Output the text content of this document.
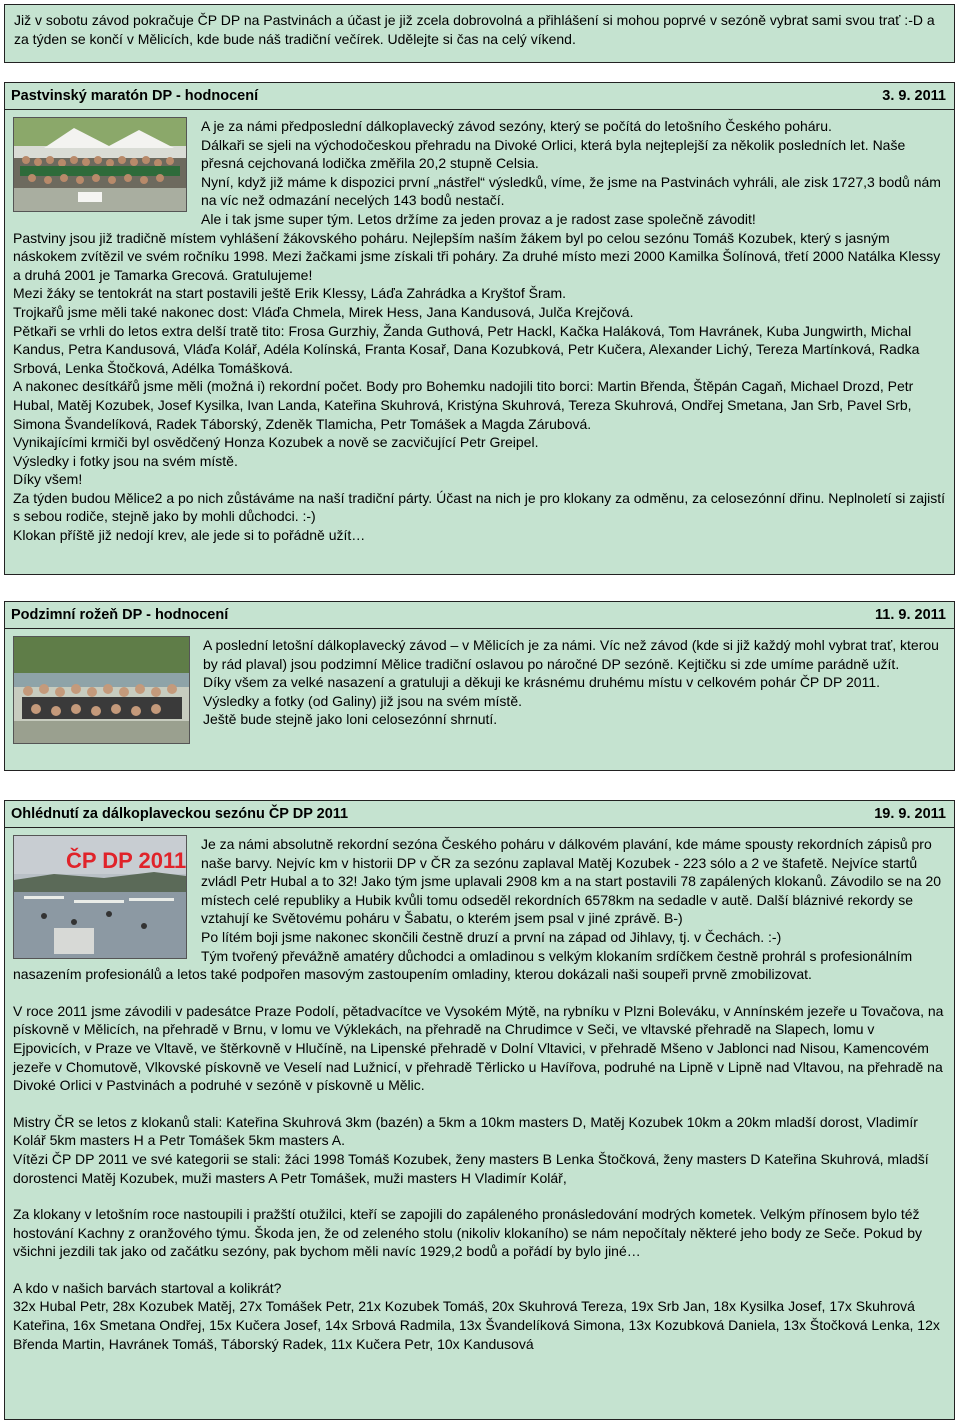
Již v sobotu závod pokračuje ČP DP na Pastvinách a účast je již zcela dobrovolná a přihlášení si mohou poprvé v sezóně vybrat sami svou trať :-D a za týden se končí v Mělicích, kde bude náš tradiční večírek. Udělejte si čas na celý víkend.

Pastvinský maratón DP - hodnocení	3. 9. 2011

A je za námi předposlední dálkoplavecký závod sezóny, který se počítá do letošního Českého poháru.

Dálkaři se sjeli na východočeskou přehradu na Divoké Orlici, která byla nejteplejší za několik posledních let. Naše přesná cejchovaná lodička změřila 20,2 stupně Celsia.

Nyní, když již máme k dispozici první „nástřel“ výsledků, víme, že jsme na Pastvinách vyhráli, ale zisk 1727,3 bodů nám na víc než odmazání necelých 143 bodů nestačí.

Ale i tak jsme super tým. Letos držíme za jeden provaz a je radost zase společně závodit!

Pastviny jsou již tradičně místem vyhlášení žákovského poháru. Nejlepším naším žákem byl po celou sezónu Tomáš Kozubek, který s jasným náskokem zvítězil ve svém ročníku 1998. Mezi žačkami jsme získali tři poháry. Za druhé místo mezi 2000 Kamilka Šolínová, třetí 2000 Natálka Klessy a druhá 2001 je Tamarka Grecová. Gratulujeme!

Mezi žáky se tentokrát na start postavili ještě Erik Klessy, Láďa Zahrádka a Kryštof Šram.

Trojkařů jsme měli také nakonec dost: Vláďa Chmela, Mirek Hess, Jana Kandusová, Julča Krejčová.

Pětkaři se vrhli do letos extra delší tratě tito: Frosa Gurzhiy, Žanda Guthová, Petr Hackl, Kačka Haláková, Tom Havránek, Kuba Jungwirth, Michal Kandus, Petra Kandusová, Vláďa Kolář, Adéla Kolínská, Franta Kosař, Dana Kozubková, Petr Kučera, Alexander Lichý, Tereza Martínková, Radka Srbová, Lenka Štočková, Adélka Tomášková.

A nakonec desítkářů jsme měli (možná i) rekordní počet. Body pro Bohemku nadojili tito borci: Martin Břenda, Štěpán Cagaň, Michael Drozd, Petr Hubal, Matěj Kozubek, Josef Kysilka, Ivan Landa, Kateřina Skuhrová, Kristýna Skuhrová, Tereza Skuhrová, Ondřej Smetana, Jan Srb, Pavel Srb, Simona Švandelíková, Radek Táborský, Zdeněk Tlamicha, Petr Tomášek a Magda Zárubová.

Vynikajícími krmiči byl osvědčený Honza Kozubek a nově se zacvičující Petr Greipel.

Výsledky i fotky jsou na svém místě.

Díky všem!

Za týden budou Mělice2 a po nich zůstáváme na naší tradiční párty. Účast na nich je pro klokany za odměnu, za celosezónní dřinu. Neplnoletí si zajistí s sebou rodiče, stejně jako by mohli důchodci. :-)

Klokan příště již nedojí krev, ale jede si to pořádně užít…

Podzimní rožeň DP - hodnocení	11. 9. 2011

A poslední letošní dálkoplavecký závod – v Mělicích je za námi. Víc než závod (kde si již každý mohl vybrat trať, kterou by rád plaval) jsou podzimní Mělice tradiční oslavou po náročné DP sezóně. Kejtičku si zde umíme parádně užít.

Díky všem za velké nasazení a gratuluji a děkuji ke krásnému druhému místu v celkovém pohár ČP DP 2011.

Výsledky a fotky (od Galiny) již jsou na svém místě.

Ještě bude stejně jako loni celosezónní shrnutí.

Ohlédnutí za dálkoplaveckou sezónu ČP DP 2011	19. 9. 2011
ČP DP 2011

Je za námi absolutně rekordní sezóna Českého poháru v dálkovém plavání, kde máme spousty rekordních zápisů pro naše barvy. Nejvíc km v historii DP v ČR za sezónu zaplaval Matěj Kozubek - 223 sólo a 2 ve štafetě. Nejvíce startů zvládl Petr Hubal a to 32! Jako tým jsme uplavali 2908 km a na start postavili 78 zapálených klokanů. Závodilo se na 20 místech celé republiky a Hubik kvůli tomu odseděl rekordních 6578km na sedadle v autě. Další bláznivé rekordy se vztahují ke Světovému poháru v Šabatu, o kterém jsem psal v jiné zprávě. B-)

Po lítém boji jsme nakonec skončili čestně druzí a první na západ od Jihlavy, tj. v Čechách. :-)

Tým tvořený převážně amatéry důchodci a omladinou s velkým klokaním srdíčkem čestně prohrál s profesionálním nasazením profesionálů a letos také podpořen masovým zastoupením omladiny, kterou dokázali naši soupeři prvně zmobilizovat.

V roce 2011 jsme závodili v padesátce Praze Podolí, pětadvacítce ve Vysokém Mýtě, na rybníku v Plzni Boleváku, v Annínském jezeře u Tovačova, na pískovně v Mělicích, na přehradě v Brnu, v lomu ve Výklekách, na přehradě na Chrudimce v Seči, ve vltavské přehradě na Slapech, lomu v Ejpovicích, v Praze ve Vltavě, ve štěrkovně v Hlučíně, na Lipenské přehradě v Dolní Vltavici, v přehradě Mšeno v Jablonci nad Nisou, Kamencovém jezeře v Chomutově, Vlkovské pískovně ve Veselí nad Lužnicí, v přehradě Těrlicko u Havířova, podruhé na Lipně v Lipně nad Vltavou, na přehradě na Divoké Orlici v Pastvinách a podruhé v sezóně v pískovně u Mělic.

Mistry ČR se letos z klokanů stali: Kateřina Skuhrová 3km (bazén) a 5km a 10km masters D, Matěj Kozubek 10km a 20km mladší dorost, Vladimír Kolář 5km masters H a Petr Tomášek 5km masters A.

Vítězi ČP DP 2011 ve své kategorii se stali: žáci 1998 Tomáš Kozubek, ženy masters B Lenka Štočková, ženy masters D Kateřina Skuhrová, mladší dorostenci Matěj Kozubek, muži masters A Petr Tomášek, muži masters H Vladimír Kolář,

Za klokany v letošním roce nastoupili i pražští otužilci, kteří se zapojili do zapáleného pronásledování modrých kometek. Velkým přínosem bylo též hostování Kachny z oranžového týmu. Škoda jen, že od zeleného stolu (nikoliv klokaního) se nám nepočítaly některé jeho body ze Seče. Pokud by všichni jezdili tak jako od začátku sezóny, pak bychom měli navíc 1929,2 bodů a pořádí by bylo jiné…

A kdo v našich barvách startoval a kolikrát?

32x Hubal Petr, 28x Kozubek Matěj, 27x Tomášek Petr, 21x Kozubek Tomáš, 20x Skuhrová Tereza, 19x Srb Jan, 18x Kysilka Josef, 17x Skuhrová Kateřina, 16x Smetana Ondřej, 15x Kučera Josef, 14x Srbová Radmila, 13x Švandelíková Simona, 13x Kozubková Daniela, 13x Štočková Lenka, 12x Břenda Martin, Havránek Tomáš, Táborský Radek, 11x Kučera Petr, 10x Kandusová
